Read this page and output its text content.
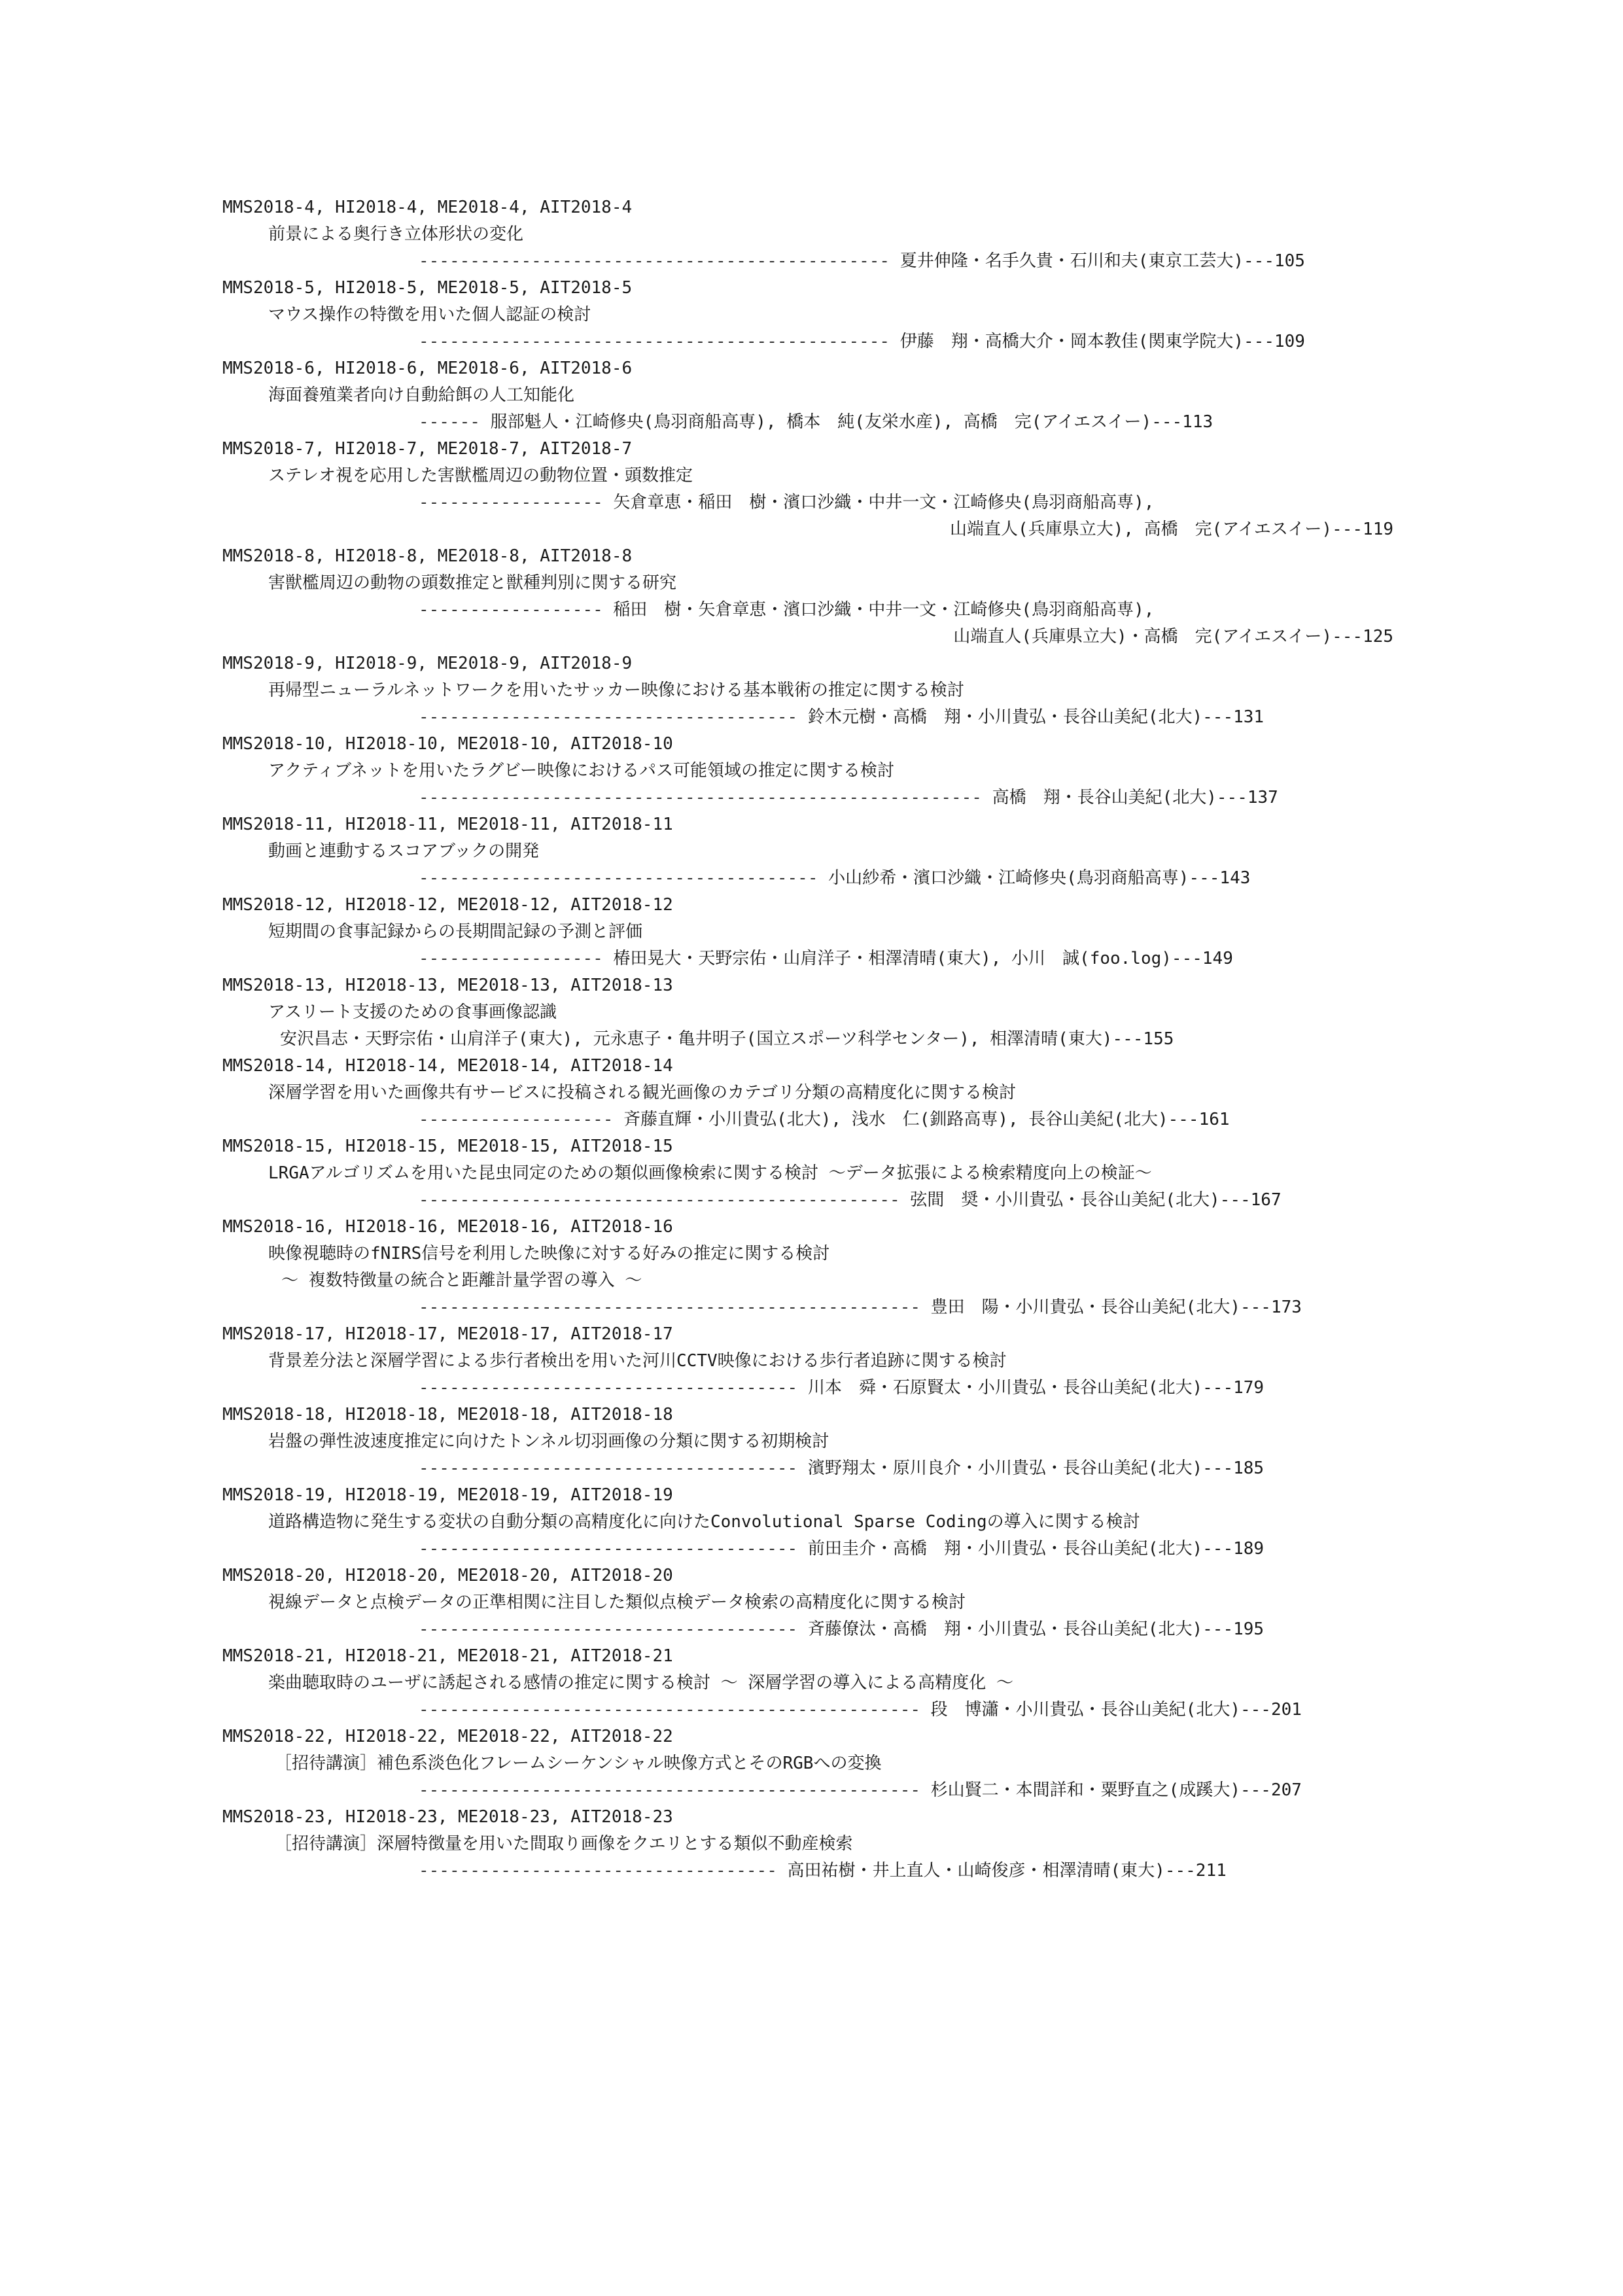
MMS2018-4, HI2018-4, ME2018-4, AIT2018-4
前景による奥行き立体形状の変化
---------------------------------------------- 夏井伸隆・名手久貴・石川和夫(東京工芸大) ---105
MMS2018-5, HI2018-5, ME2018-5, AIT2018-5
マウス操作の特徴を用いた個人認証の検討
---------------------------------------------- 伊藤　翔・高橋大介・岡本教佳(関東学院大) ---109
MMS2018-6, HI2018-6, ME2018-6, AIT2018-6
海面養殖業者向け自動給餌の人工知能化
------ 服部魁人・江崎修央(鳥羽商船高専), 橋本　純(友栄水産), 高橋　完(アイエスイー) ---113
MMS2018-7, HI2018-7, ME2018-7, AIT2018-7
ステレオ視を応用した害獣檻周辺の動物位置・頭数推定
------------------ 矢倉章恵・稲田　樹・濱口沙織・中井一文・江崎修央(鳥羽商船高専),
山端直人(兵庫県立大), 高橋　完(アイエスイー)---119
MMS2018-8, HI2018-8, ME2018-8, AIT2018-8
害獣檻周辺の動物の頭数推定と獣種判別に関する研究
------------------ 稲田　樹・矢倉章恵・濱口沙織・中井一文・江崎修央(鳥羽商船高専),
山端直人(兵庫県立大)・高橋　完(アイエスイー)---125
MMS2018-9, HI2018-9, ME2018-9, AIT2018-9
再帰型ニューラルネットワークを用いたサッカー映像における基本戦術の推定に関する検討
------------------------------------- 鈴木元樹・高橋　翔・小川貴弘・長谷山美紀(北大) ---131
MMS2018-10, HI2018-10, ME2018-10, AIT2018-10
アクティブネットを用いたラグビー映像におけるパス可能領域の推定に関する検討
------------------------------------------------------- 高橋　翔・長谷山美紀(北大) ---137
MMS2018-11, HI2018-11, ME2018-11, AIT2018-11
動画と連動するスコアブックの開発
--------------------------------------- 小山紗希・濱口沙織・江崎修央(鳥羽商船高専) ---143
MMS2018-12, HI2018-12, ME2018-12, AIT2018-12
短期間の食事記録からの長期間記録の予測と評価
------------------ 椿田晃大・天野宗佑・山肩洋子・相澤清晴(東大), 小川　誠(foo.log) ---149
MMS2018-13, HI2018-13, ME2018-13, AIT2018-13
アスリート支援のための食事画像認識
安沢昌志・天野宗佑・山肩洋子(東大), 元永恵子・亀井明子(国立スポーツ科学センター), 相澤清晴(東大) ---155
MMS2018-14, HI2018-14, ME2018-14, AIT2018-14
深層学習を用いた画像共有サービスに投稿される観光画像のカテゴリ分類の高精度化に関する検討
------------------- 斉藤直輝・小川貴弘(北大), 浅水　仁(釧路高専), 長谷山美紀(北大) ---161
MMS2018-15, HI2018-15, ME2018-15, AIT2018-15
LRGAアルゴリズムを用いた昆虫同定のための類似画像検索に関する検討 ～データ拡張による検索精度向上の検証～
----------------------------------------------- 弦間　奨・小川貴弘・長谷山美紀(北大) ---167
MMS2018-16, HI2018-16, ME2018-16, AIT2018-16
映像視聴時のfNIRS信号を利用した映像に対する好みの推定に関する検討
～ 複数特徴量の統合と距離計量学習の導入 ～
------------------------------------------------- 豊田　陽・小川貴弘・長谷山美紀(北大) ---173
MMS2018-17, HI2018-17, ME2018-17, AIT2018-17
背景差分法と深層学習による歩行者検出を用いた河川CCTV映像における歩行者追跡に関する検討
------------------------------------- 川本　舜・石原賢太・小川貴弘・長谷山美紀(北大) ---179
MMS2018-18, HI2018-18, ME2018-18, AIT2018-18
岩盤の弾性波速度推定に向けたトンネル切羽画像の分類に関する初期検討
------------------------------------- 濱野翔太・原川良介・小川貴弘・長谷山美紀(北大) ---185
MMS2018-19, HI2018-19, ME2018-19, AIT2018-19
道路構造物に発生する変状の自動分類の高精度化に向けたConvolutional Sparse Codingの導入に関する検討
------------------------------------- 前田圭介・高橋　翔・小川貴弘・長谷山美紀(北大) ---189
MMS2018-20, HI2018-20, ME2018-20, AIT2018-20
視線データと点検データの正準相関に注目した類似点検データ検索の高精度化に関する検討
------------------------------------- 斉藤僚汰・高橋　翔・小川貴弘・長谷山美紀(北大) ---195
MMS2018-21, HI2018-21, ME2018-21, AIT2018-21
楽曲聴取時のユーザに誘起される感情の推定に関する検討 ～ 深層学習の導入による高精度化 ～
------------------------------------------------- 段　博瀟・小川貴弘・長谷山美紀(北大) ---201
MMS2018-22, HI2018-22, ME2018-22, AIT2018-22
［招待講演］補色系淡色化フレームシーケンシャル映像方式とそのRGBへの変換
------------------------------------------------- 杉山賢二・本間詳和・粟野直之(成蹊大) ---207
MMS2018-23, HI2018-23, ME2018-23, AIT2018-23
［招待講演］深層特徴量を用いた間取り画像をクエリとする類似不動産検索
----------------------------------- 高田祐樹・井上直人・山崎俊彦・相澤清晴(東大) ---211
